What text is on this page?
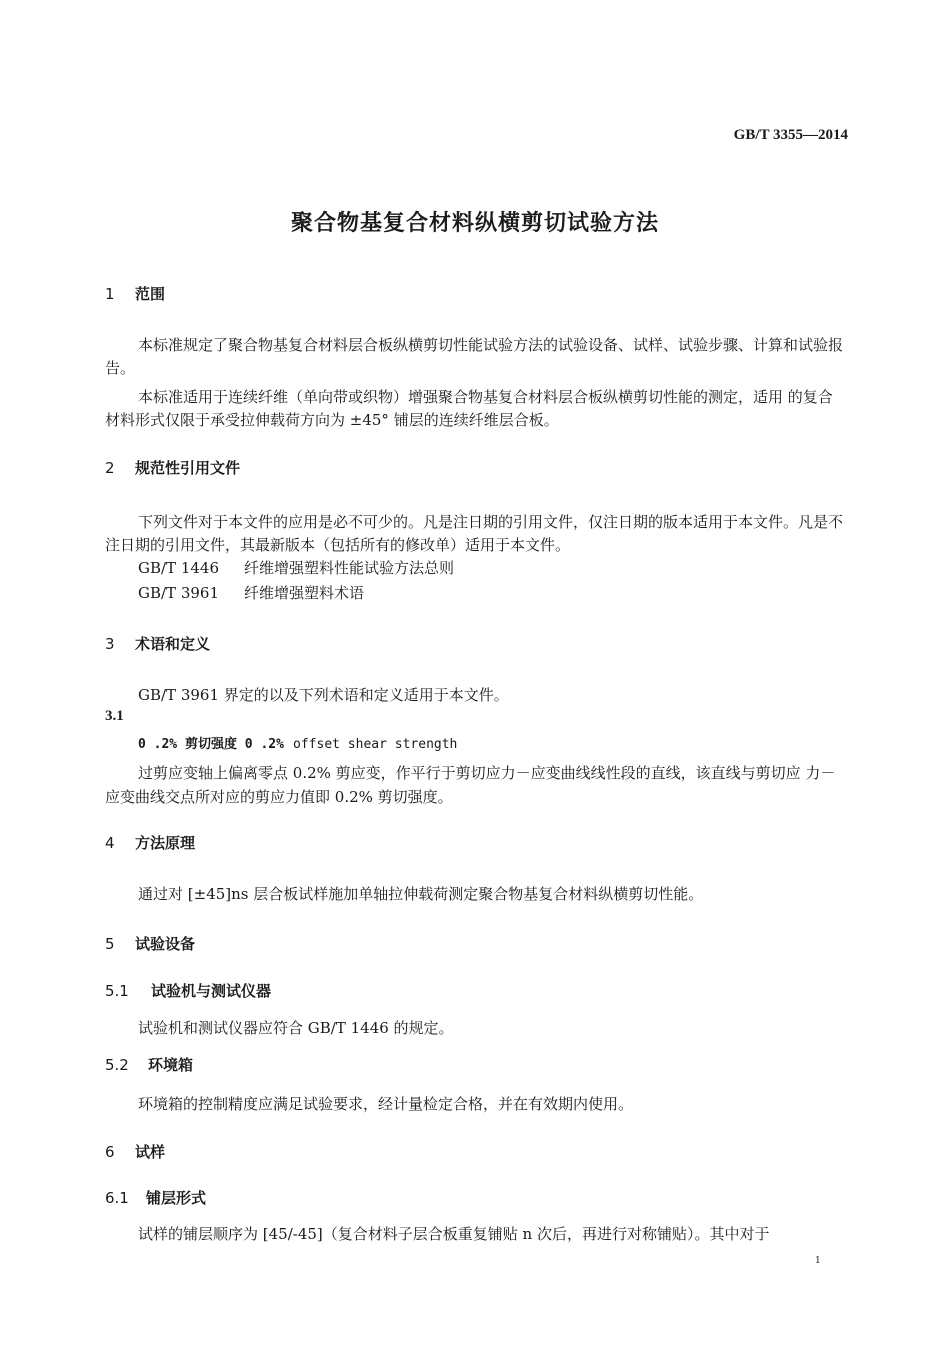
GB/T 3355—2014
聚合物基复合材料纵横剪切试验方法
1 范围
本标准规定了聚合物基复合材料层合板纵横剪切性能试验方法的试验设备、试样、试验步骤、计算和试验报告。
本标准适用于连续纤维（单向带或织物）增强聚合物基复合材料层合板纵横剪切性能的测定，适用 的复合材料形式仅限于承受拉伸载荷方向为 ±45° 铺层的连续纤维层合板。
2 规范性引用文件
下列文件对于本文件的应用是必不可少的。凡是注日期的引用文件，仅注日期的版本适用于本文件。凡是不注日期的引用文件，其最新版本（包括所有的修改单）适用于本文件。
GB/T 1446 纤维增强塑料性能试验方法总则
GB/T 3961 纤维增强塑料术语
3 术语和定义
GB/T 3961 界定的以及下列术语和定义适用于本文件。
3.1
0 .2% 剪切强度 0 .2% offset shear strength
过剪应变轴上偏离零点 0.2% 剪应变，作平行于剪切应力－应变曲线线性段的直线，该直线与剪切应 力－应变曲线交点所对应的剪应力值即 0.2% 剪切强度。
4 方法原理
通过对 [±45]ns 层合板试样施加单轴拉伸载荷测定聚合物基复合材料纵横剪切性能。
5 试验设备
5.1 试验机与测试仪器
试验机和测试仪器应符合 GB/T 1446 的规定。
5.2 环境箱
环境箱的控制精度应满足试验要求，经计量检定合格，并在有效期内使用。
6 试样
6.1 铺层形式
试样的铺层顺序为 [45/-45]（复合材料子层合板重复铺贴 n 次后，再进行对称铺贴）。其中对于
1
